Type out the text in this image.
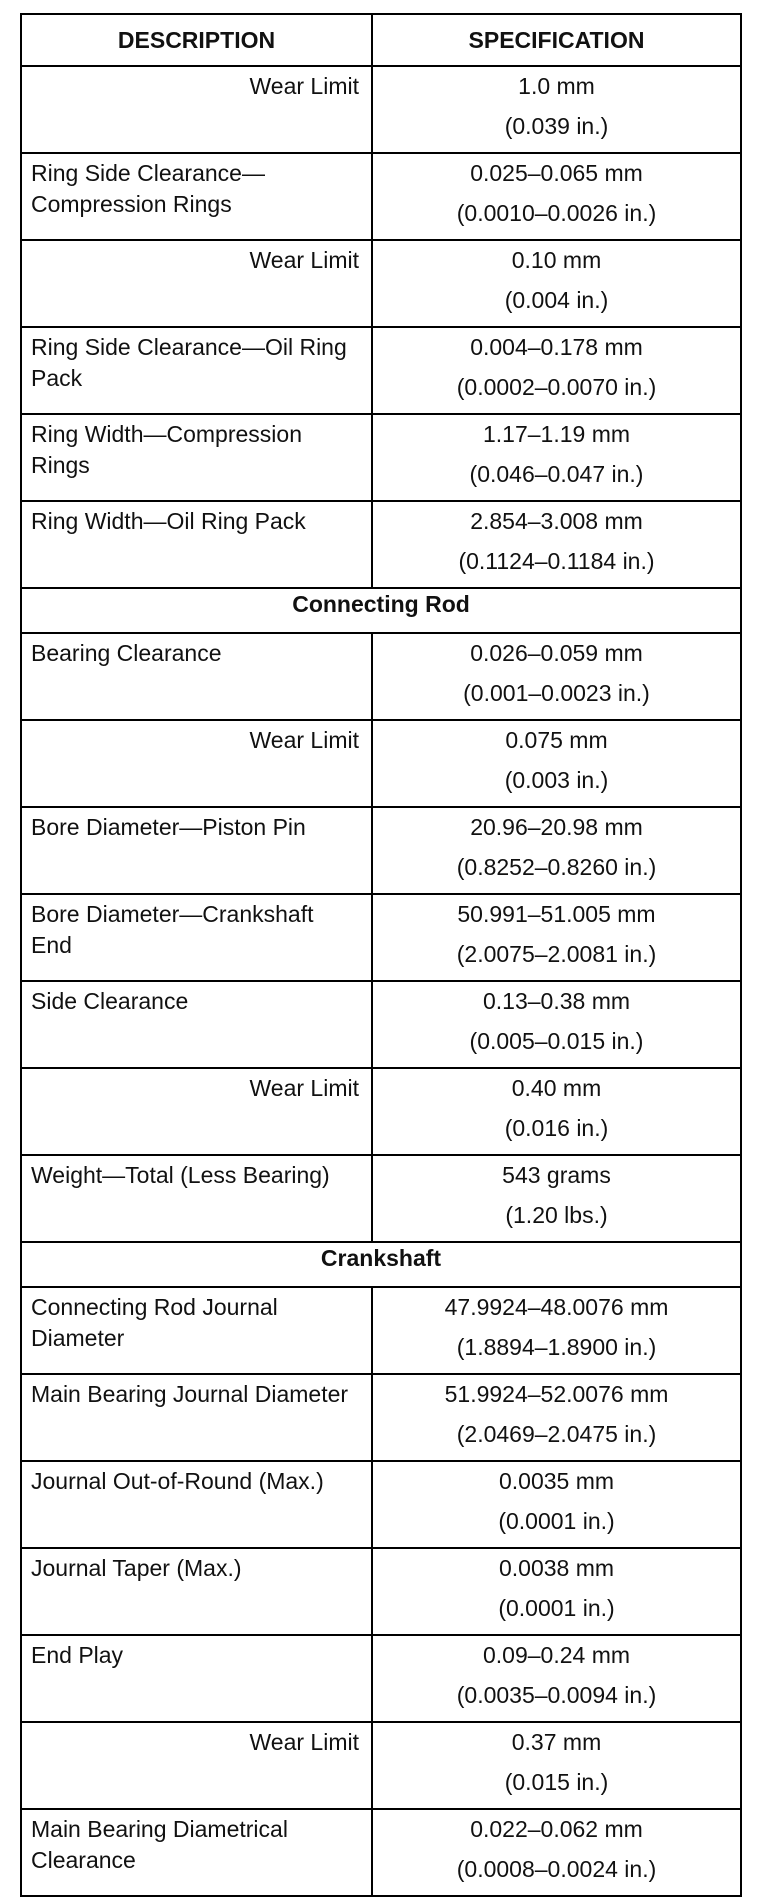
DESCRIPTION	SPECIFICATION

Wear Limit	1.0 mm
(0.039 in.)

Ring Side Clearance—Compression Rings	0.025–0.065 mm
(0.0010–0.0026 in.)

Wear Limit	0.10 mm
(0.004 in.)

Ring Side Clearance—Oil Ring Pack	0.004–0.178 mm
(0.0002–0.0070 in.)

Ring Width—Compression Rings	1.17–1.19 mm
(0.046–0.047 in.)

Ring Width—Oil Ring Pack	2.854–3.008 mm
(0.1124–0.1184 in.)

Connecting Rod	

Bearing Clearance	0.026–0.059 mm
(0.001–0.0023 in.)

Wear Limit	0.075 mm
(0.003 in.)

Bore Diameter—Piston Pin	20.96–20.98 mm
(0.8252–0.8260 in.)

Bore Diameter—Crankshaft End	50.991–51.005 mm
(2.0075–2.0081 in.)

Side Clearance	0.13–0.38 mm
(0.005–0.015 in.)

Wear Limit	0.40 mm
(0.016 in.)

Weight—Total (Less Bearing)	543 grams
(1.20 lbs.)

Crankshaft	

Connecting Rod Journal Diameter	47.9924–48.0076 mm
(1.8894–1.8900 in.)

Main Bearing Journal Diameter	51.9924–52.0076 mm
(2.0469–2.0475 in.)

Journal Out-of-Round (Max.)	0.0035 mm
(0.0001 in.)

Journal Taper (Max.)	0.0038 mm
(0.0001 in.)

End Play	0.09–0.24 mm
(0.0035–0.0094 in.)

Wear Limit	0.37 mm
(0.015 in.)

Main Bearing Diametrical Clearance	0.022–0.062 mm
(0.0008–0.0024 in.)
